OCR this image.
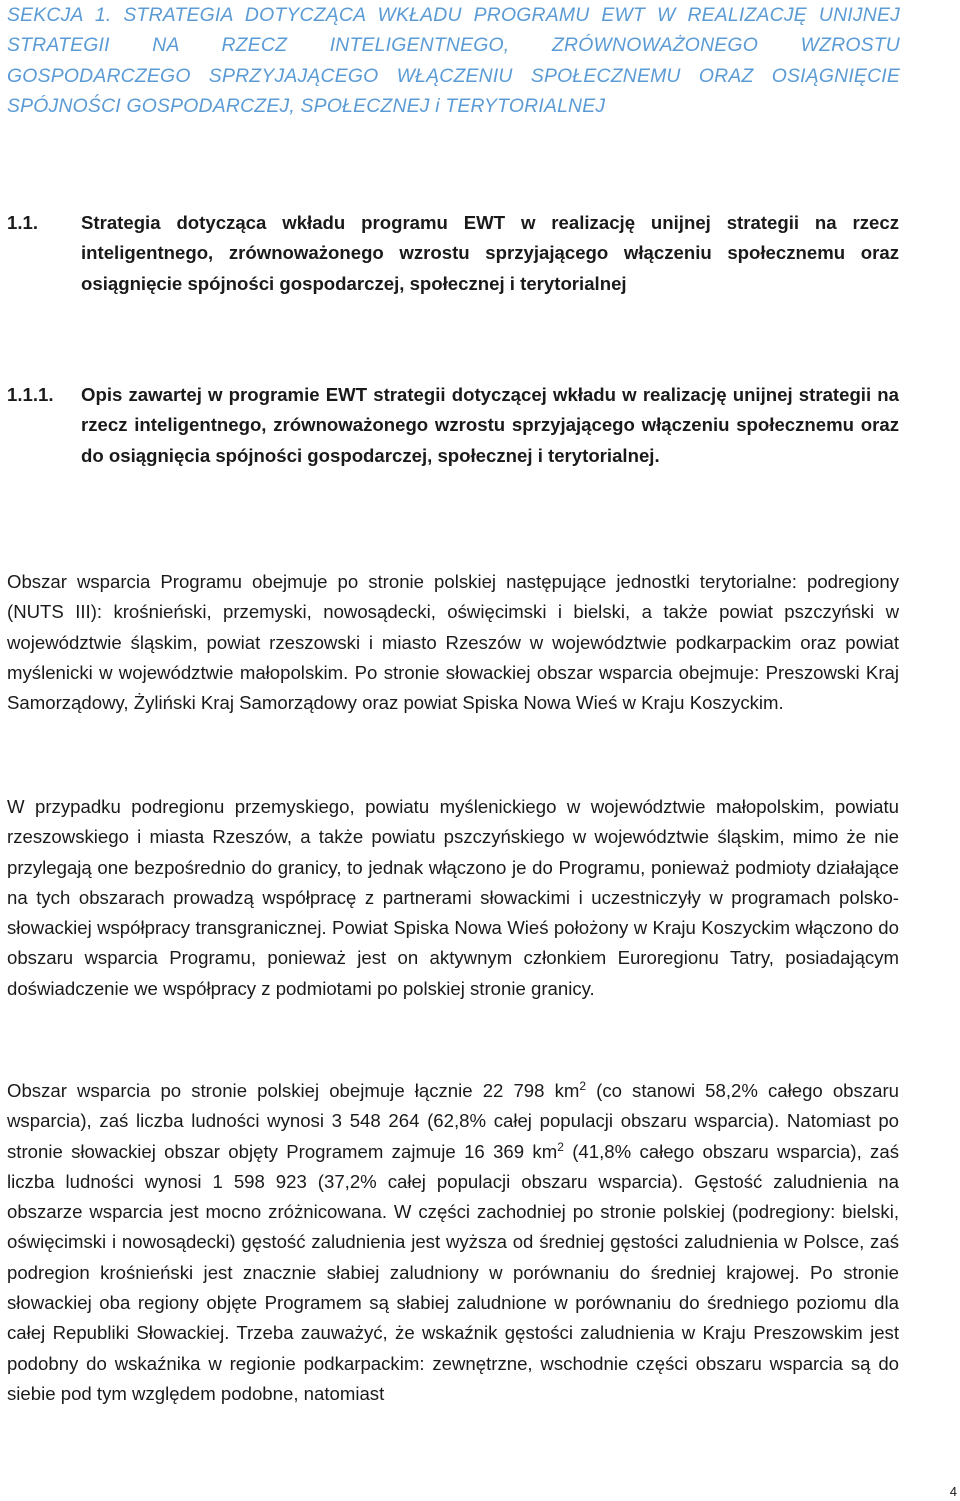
SEKCJA 1. STRATEGIA DOTYCZĄCA WKŁADU PROGRAMU EWT W REALIZACJĘ UNIJNEJ STRATEGII NA RZECZ INTELIGENTNEGO, ZRÓWNOWAŻONEGO WZROSTU GOSPODARCZEGO SPRZYJAJĄCEGO WŁĄCZENIU SPOŁECZNEMU ORAZ OSIĄGNIĘCIE SPÓJNOŚCI GOSPODARCZEJ, SPOŁECZNEJ i TERYTORIALNEJ
1.1. Strategia dotycząca wkładu programu EWT w realizację unijnej strategii na rzecz inteligentnego, zrównoważonego wzrostu sprzyjającego włączeniu społecznemu oraz osiągnięcie spójności gospodarczej, społecznej i terytorialnej
1.1.1. Opis zawartej w programie EWT strategii dotyczącej wkładu w realizację unijnej strategii na rzecz inteligentnego, zrównoważonego wzrostu sprzyjającego włączeniu społecznemu oraz do osiągnięcia spójności gospodarczej, społecznej i terytorialnej.

Obszar wsparcia Programu obejmuje po stronie polskiej następujące jednostki terytorialne: podregiony (NUTS III): krośnieński, przemyski, nowosądecki, oświęcimski i bielski, a także powiat pszczyński w województwie śląskim, powiat rzeszowski i miasto Rzeszów w województwie podkarpackim oraz powiat myślenicki w województwie małopolskim. Po stronie słowackiej obszar wsparcia obejmuje: Preszowski Kraj Samorządowy, Żyliński Kraj Samorządowy oraz powiat Spiska Nowa Wieś w Kraju Koszyckim.

W przypadku podregionu przemyskiego, powiatu myślenickiego w województwie małopolskim, powiatu rzeszowskiego i miasta Rzeszów, a także powiatu pszczyńskiego w województwie śląskim, mimo że nie przylegają one bezpośrednio do granicy, to jednak włączono je do Programu, ponieważ podmioty działające na tych obszarach prowadzą współpracę z partnerami słowackimi i uczestniczyły w programach polsko-słowackiej współpracy transgranicznej. Powiat Spiska Nowa Wieś położony w Kraju Koszyckim włączono do obszaru wsparcia Programu, ponieważ jest on aktywnym członkiem Euroregionu Tatry, posiadającym doświadczenie we współpracy z podmiotami po polskiej stronie granicy.

Obszar wsparcia po stronie polskiej obejmuje łącznie 22 798 $km^2$ (co stanowi 58,2% całego obszaru wsparcia), zaś liczba ludności wynosi 3 548 264 (62,8% całej populacji obszaru wsparcia). Natomiast po stronie słowackiej obszar objęty Programem zajmuje 16 369 $km^2$ (41,8% całego obszaru wsparcia), zaś liczba ludności wynosi 1 598 923 (37,2% całej populacji obszaru wsparcia). Gęstość zaludnienia na obszarze wsparcia jest mocno zróżnicowana. W części zachodniej po stronie polskiej (podregiony: bielski, oświęcimski i nowosądecki) gęstość zaludnienia jest wyższa od średniej gęstości zaludnienia w Polsce, zaś podregion krośnieński jest znacznie słabiej zaludniony w porównaniu do średniej krajowej. Po stronie słowackiej oba regiony objęte Programem są słabiej zaludnione w porównaniu do średniego poziomu dla całej Republiki Słowackiej. Trzeba zauważyć, że wskaźnik gęstości zaludnienia w Kraju Preszowskim jest podobny do wskaźnika w regionie podkarpackim: zewnętrzne, wschodnie części obszaru wsparcia są do siebie pod tym względem podobne, natomiast

4
